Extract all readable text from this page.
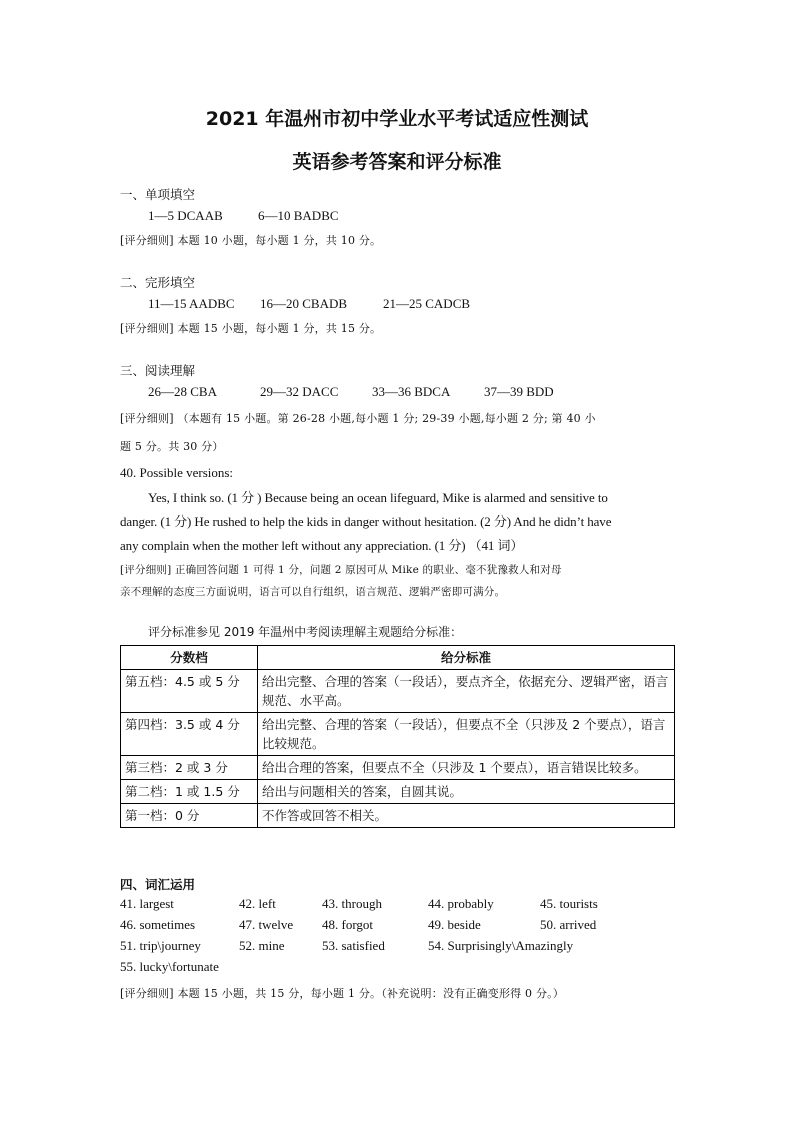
2021 年温州市初中学业水平考试适应性测试
英语参考答案和评分标准
一、单项填空
1—5 DCAAB	6—10 BADBC
[评分细则] 本题 10 小题，每小题 1 分，共 10 分。
二、完形填空
11—15 AADBC 16—20 CBADB	21—25 CADCB
[评分细则] 本题 15 小题，每小题 1 分，共 15 分。
三、阅读理解
26—28 CBA	29—32 DACC	33—36 BDCA	37—39 BDD
[评分细则] （本题有 15 小题。第 26-28 小题,每小题 1 分; 29-39 小题,每小题 2 分; 第 40 小
题 5 分。共 30 分）
40. Possible versions:
Yes, I think so. (1 分 ) Because being an ocean lifeguard, Mike is alarmed and sensitive to
danger. (1 分) He rushed to help the kids in danger without hesitation. (2 分) And he didn’t have
any complain when the mother left without any appreciation. (1 分) （41 词）
[评分细则] 正确回答问题 1 可得 1 分，问题 2 原因可从 Mike 的职业、毫不犹豫救人和对母
亲不理解的态度三方面说明，语言可以自行组织，语言规范、逻辑严密即可满分。
评分标准参见 2019 年温州中考阅读理解主观题给分标准：
分数档	给分标准
第五档：4.5 或 5 分	给出完整、合理的答案（一段话），要点齐全，依据充分、逻辑严密，语言规范、水平高。
第四档：3.5 或 4 分	给出完整、合理的答案（一段话），但要点不全（只涉及 2 个要点），语言比较规范。
第三档：2 或 3 分	给出合理的答案，但要点不全（只涉及 1 个要点），语言错误比较多。
第二档：1 或 1.5 分	给出与问题相关的答案，自圆其说。
第一档：0 分	不作答或回答不相关。
四、词汇运用
41. largest	42. left	43. through	44. probably	45. tourists
46. sometimes	47. twelve 48. forgot	49. beside	50. arrived
51. trip\journey	52. mine	53. satisfied	54. Surprisingly\Amazingly
55. lucky\fortunate
[评分细则] 本题 15 小题，共 15 分，每小题 1 分。（补充说明：没有正确变形得 0 分。）
